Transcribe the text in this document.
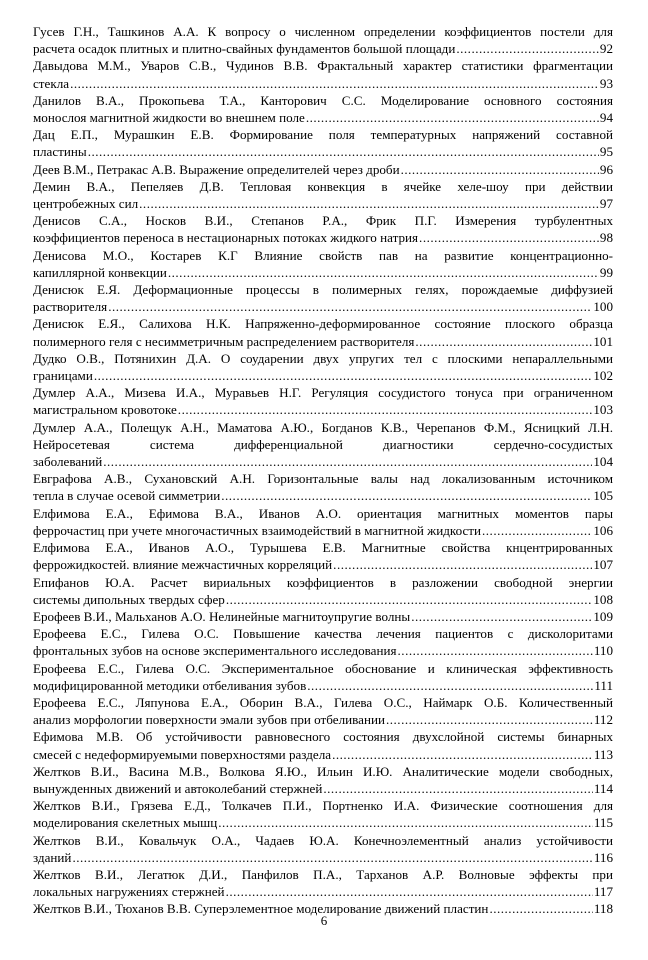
Гусев Г.Н., Ташкинов А.А. К вопросу о численном определении коэффициентов постели для
расчета осадок плитных и плитно-свайных фундаментов большой площади .....	92

Давыдова М.М., Уваров С.В., Чудинов В.В. Фрактальный характер статистики фрагментации
стекла .....	93

Данилов В.А., Прокопьева Т.А., Канторович С.С. Моделирование основного состояния
монослоя магнитной жидкости во внешнем поле .....	94

Дац Е.П., Мурашкин Е.В. Формирование поля температурных напряжений составной
пластины .....	95

Деев В.М., Петракас А.В. Выражение определителей через дроби .....	96

Демин В.А., Пепеляев Д.В. Тепловая конвекция в ячейке хеле-шоу при действии
центробежных сил .....	97

Денисов С.А., Носков В.И., Степанов Р.А., Фрик П.Г. Измерения турбулентных
коэффициентов переноса в нестационарных потоках жидкого натрия .....	98

Денисова М.О., Костарев К.Г Влияние свойств пав на развитие концентрационно-
капиллярной конвекции .....	99

Денисюк Е.Я. Деформационные процессы в полимерных гелях, порождаемые диффузией
растворителя .....	100

Денисюк Е.Я., Салихова Н.К. Напряженно-деформированное состояние плоского образца
полимерного геля с несимметричным распределением растворителя .....	101

Дудко О.В., Потянихин Д.А. О соударении двух упругих тел с плоскими непараллельными
границами .....	102

Думлер А.А., Мизева И.А., Муравьев Н.Г. Регуляция сосудистого тонуса при ограниченном
магистральном кровотоке .....	103

Думлер А.А., Полещук А.Н., Маматова А.Ю., Богданов К.В., Черепанов Ф.М., Ясницкий Л.Н. Нейросетевая система дифференциальной диагностики сердечно-сосудистых
заболеваний .....	104

Евграфова А.В., Сухановский А.Н. Горизонтальные валы над локализованным источником
тепла в случае осевой симметрии .....	105

Елфимова Е.А., Ефимова В.А., Иванов А.О. ориентация магнитных моментов пары
феррочастиц при учете многочастичных взаимодействий в магнитной жидкости .....	106

Елфимова Е.А., Иванов А.О., Турышева Е.В. Магнитные свойства кнцентрированных
феррожидкостей. влияние межчастичных корреляций .....	107

Епифанов Ю.А. Расчет вириальных коэффициентов в разложении свободной энергии
системы дипольных твердых сфер .....	108

Ерофеев В.И., Мальханов А.О. Нелинейные магнитоупругие волны .....	109

Ерофеева Е.С., Гилева О.С. Повышение качества лечения пациентов с дисколоритами
фронтальных зубов на основе экспериментального исследования .....	110

Ерофеева Е.С., Гилева О.С. Экспериментальное обоснование и клиническая эффективность
модифицированной методики отбеливания зубов .....	111

Ерофеева Е.С., Ляпунова Е.А., Оборин В.А., Гилева О.С., Наймарк О.Б. Количественный
анализ морфологии поверхности эмали зубов при отбеливании .....	112

Ефимова М.В. Об устойчивости равновесного состояния двухслойной системы бинарных
смесей с недеформируемыми поверхностями раздела .....	113

Желтков В.И., Васина М.В., Волкова Я.Ю., Ильин И.Ю. Аналитические модели свободных,
вынужденных движений и автоколебаний стержней .....	114

Желтков В.И., Грязева Е.Д., Толкачев П.И., Портненко И.А. Физические соотношения для
моделирования скелетных мышц .....	115

Желтков В.И., Ковальчук О.А., Чадаев Ю.А. Конечноэлементный анализ устойчивости
зданий .....	116

Желтков В.И., Легатюк Д.И., Панфилов П.А., Тарханов А.Р. Волновые эффекты при
локальных нагружениях стержней .....	117

Желтков В.И., Тюханов В.В. Суперэлементное моделирование движений пластин .....	118

6
